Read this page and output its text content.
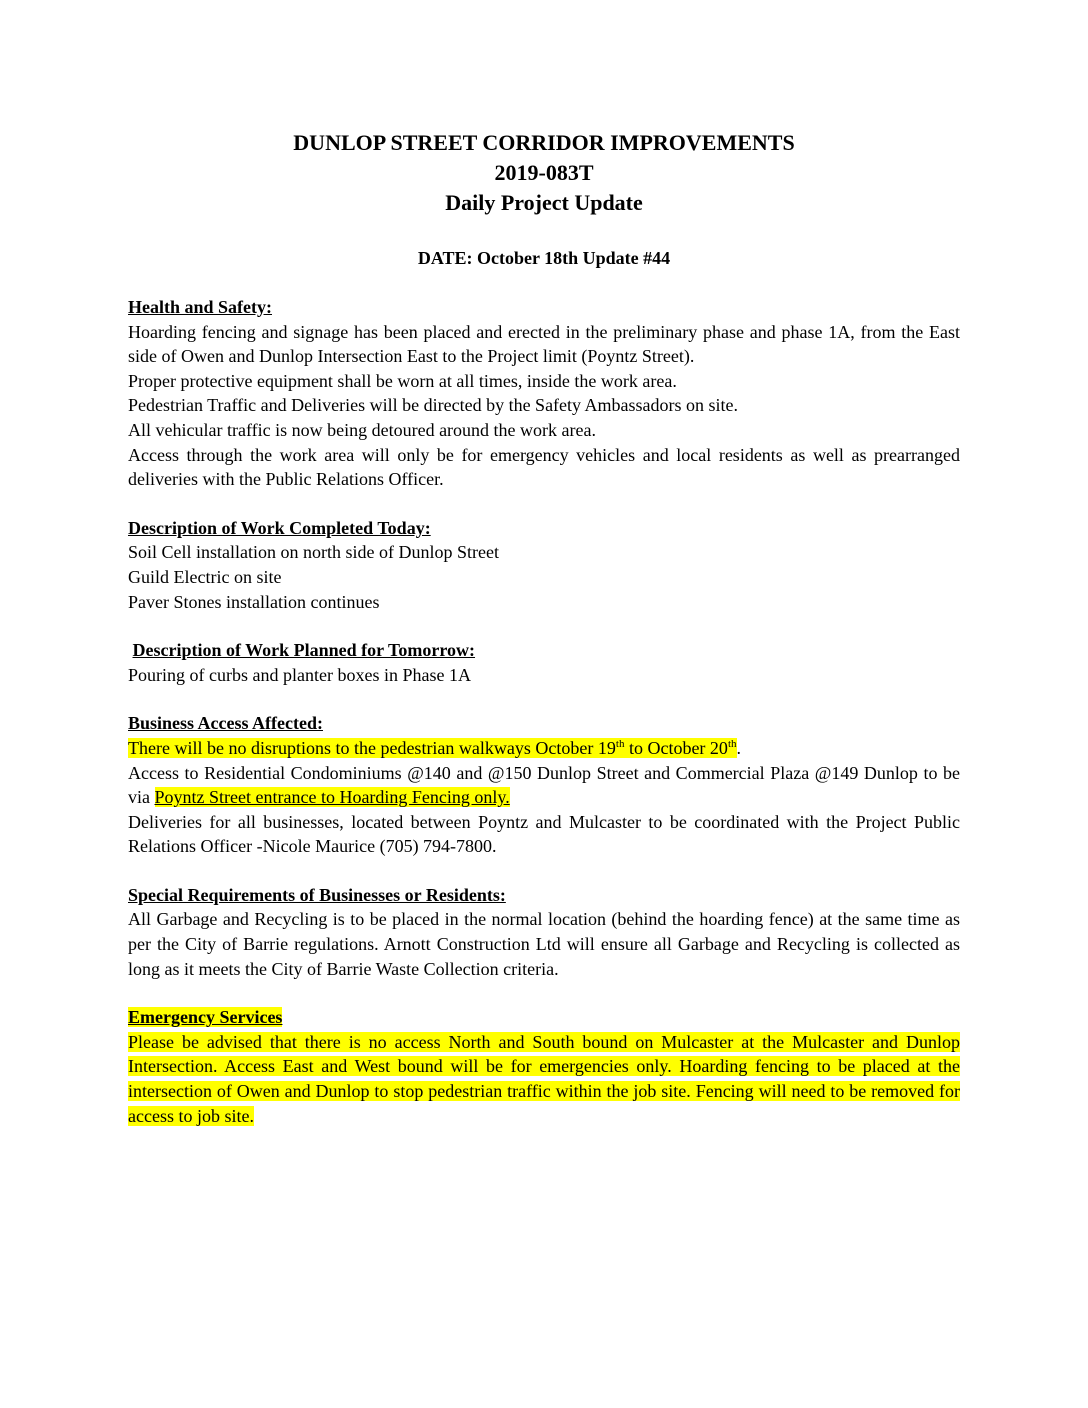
DUNLOP STREET CORRIDOR IMPROVEMENTS
2019-083T
Daily Project Update
DATE: October 18th Update #44
Health and Safety:
Hoarding fencing and signage has been placed and erected in the preliminary phase and phase 1A, from the East side of Owen and Dunlop Intersection East to the Project limit (Poyntz Street).
Proper protective equipment shall be worn at all times, inside the work area.
Pedestrian Traffic and Deliveries will be directed by the Safety Ambassadors on site.
All vehicular traffic is now being detoured around the work area.
Access through the work area will only be for emergency vehicles and local residents as well as prearranged deliveries with the Public Relations Officer.
Description of Work Completed Today:
Soil Cell installation on north side of Dunlop Street
Guild Electric on site
Paver Stones installation continues
Description of Work Planned for Tomorrow:
Pouring of curbs and planter boxes in Phase 1A
Business Access Affected:
There will be no disruptions to the pedestrian walkways October 19th to October 20th.
Access to Residential Condominiums @140 and @150 Dunlop Street and Commercial Plaza @149 Dunlop to be via Poyntz Street entrance to Hoarding Fencing only.
Deliveries for all businesses, located between Poyntz and Mulcaster to be coordinated with the Project Public Relations Officer -Nicole Maurice (705) 794-7800.
Special Requirements of Businesses or Residents:
All Garbage and Recycling is to be placed in the normal location (behind the hoarding fence) at the same time as per the City of Barrie regulations. Arnott Construction Ltd will ensure all Garbage and Recycling is collected as long as it meets the City of Barrie Waste Collection criteria.
Emergency Services
Please be advised that there is no access North and South bound on Mulcaster at the Mulcaster and Dunlop Intersection. Access East and West bound will be for emergencies only. Hoarding fencing to be placed at the intersection of Owen and Dunlop to stop pedestrian traffic within the job site. Fencing will need to be removed for access to job site.
